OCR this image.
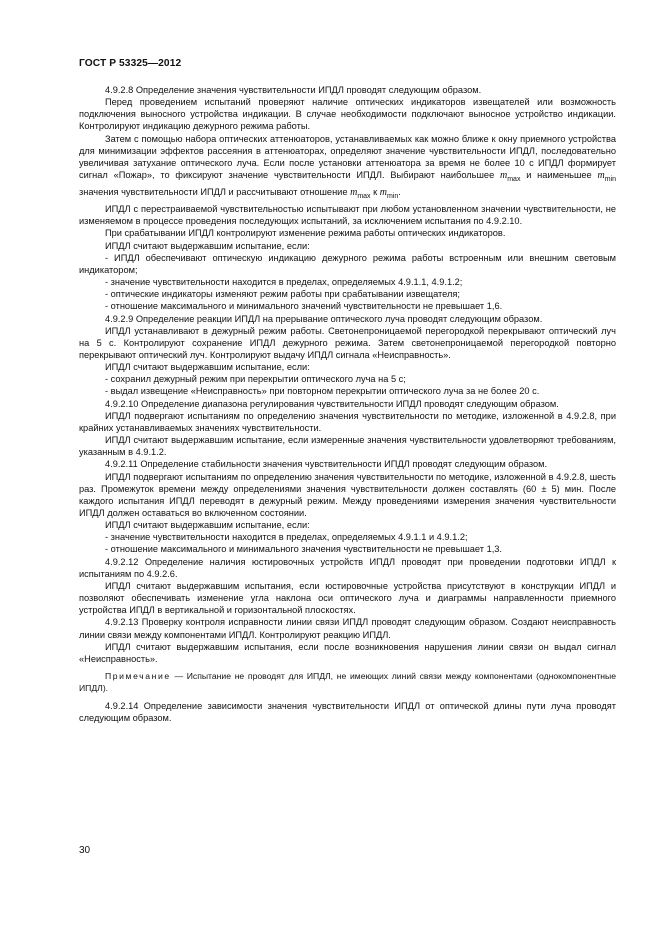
ГОСТ Р 53325—2012

4.9.2.8 Определение значения чувствительности ИПДЛ проводят следующим образом.

Перед проведением испытаний проверяют наличие оптических индикаторов извещателей или возможность подключения выносного устройства индикации. В случае необходимости подключают выносное устройство индикации. Контролируют индикацию дежурного режима работы.

Затем с помощью набора оптических аттенюаторов, устанавливаемых как можно ближе к окну приемного устройства для минимизации эффектов рассеяния в аттенюаторах, определяют значение чувствительности ИПДЛ, последовательно увеличивая затухание оптического луча. Если после установки аттенюатора за время не более 10 с ИПДЛ формирует сигнал «Пожар», то фиксируют значение чувствительности ИПДЛ. Выбирают наибольшее $m_{max}$ и наименьшее $m_{min}$ значения чувствительности ИПДЛ и рассчитывают отношение $m_{max}$ к $m_{min}$.

ИПДЛ с перестраиваемой чувствительностью испытывают при любом установленном значении чувствительности, не изменяемом в процессе проведения последующих испытаний, за исключением испытания по 4.9.2.10.

При срабатывании ИПДЛ контролируют изменение режима работы оптических индикаторов.

ИПДЛ считают выдержавшим испытание, если:

- ИПДЛ обеспечивают оптическую индикацию дежурного режима работы встроенным или внешним световым индикатором;

- значение чувствительности находится в пределах, определяемых 4.9.1.1, 4.9.1.2;

- оптические индикаторы изменяют режим работы при срабатывании извещателя;

- отношение максимального и минимального значений чувствительности не превышает 1,6.

4.9.2.9 Определение реакции ИПДЛ на прерывание оптического луча проводят следующим образом.

ИПДЛ устанавливают в дежурный режим работы. Светонепроницаемой перегородкой перекрывают оптический луч на 5 с. Контролируют сохранение ИПДЛ дежурного режима. Затем светонепроницаемой перегородкой повторно перекрывают оптический луч. Контролируют выдачу ИПДЛ сигнала «Неисправность».

ИПДЛ считают выдержавшим испытание, если:

- сохранил дежурный режим при перекрытии оптического луча на 5 с;

- выдал извещение «Неисправность» при повторном перекрытии оптического луча за не более 20 с.

4.9.2.10 Определение диапазона регулирования чувствительности ИПДЛ проводят следующим образом.

ИПДЛ подвергают испытаниям по определению значения чувствительности по методике, изложенной в 4.9.2.8, при крайних устанавливаемых значениях чувствительности.

ИПДЛ считают выдержавшим испытание, если измеренные значения чувствительности удовлетворяют требованиям, указанным в 4.9.1.2.

4.9.2.11 Определение стабильности значения чувствительности ИПДЛ проводят следующим образом.

ИПДЛ подвергают испытаниям по определению значения чувствительности по методике, изложенной в 4.9.2.8, шесть раз. Промежуток времени между определениями значения чувствительности должен составлять (60 ± 5) мин. После каждого испытания ИПДЛ переводят в дежурный режим. Между проведениями измерения значения чувствительности ИПДЛ должен оставаться во включенном состоянии.

ИПДЛ считают выдержавшим испытание, если:

- значение чувствительности находится в пределах, определяемых 4.9.1.1 и 4.9.1.2;

- отношение максимального и минимального значения чувствительности не превышает 1,3.

4.9.2.12 Определение наличия юстировочных устройств ИПДЛ проводят при проведении подготовки ИПДЛ к испытаниям по 4.9.2.6.

ИПДЛ считают выдержавшим испытания, если юстировочные устройства присутствуют в конструкции ИПДЛ и позволяют обеспечивать изменение угла наклона оси оптического луча и диаграммы направленности приемного устройства ИПДЛ в вертикальной и горизонтальной плоскостях.

4.9.2.13 Проверку контроля исправности линии связи ИПДЛ проводят следующим образом. Создают неисправность линии связи между компонентами ИПДЛ. Контролируют реакцию ИПДЛ.

ИПДЛ считают выдержавшим испытания, если после возникновения нарушения линии связи он выдал сигнал «Неисправность».

Примечание — Испытание не проводят для ИПДЛ, не имеющих линий связи между компонентами (однокомпонентные ИПДЛ).

4.9.2.14 Определение зависимости значения чувствительности ИПДЛ от оптической длины пути луча проводят следующим образом.

30
